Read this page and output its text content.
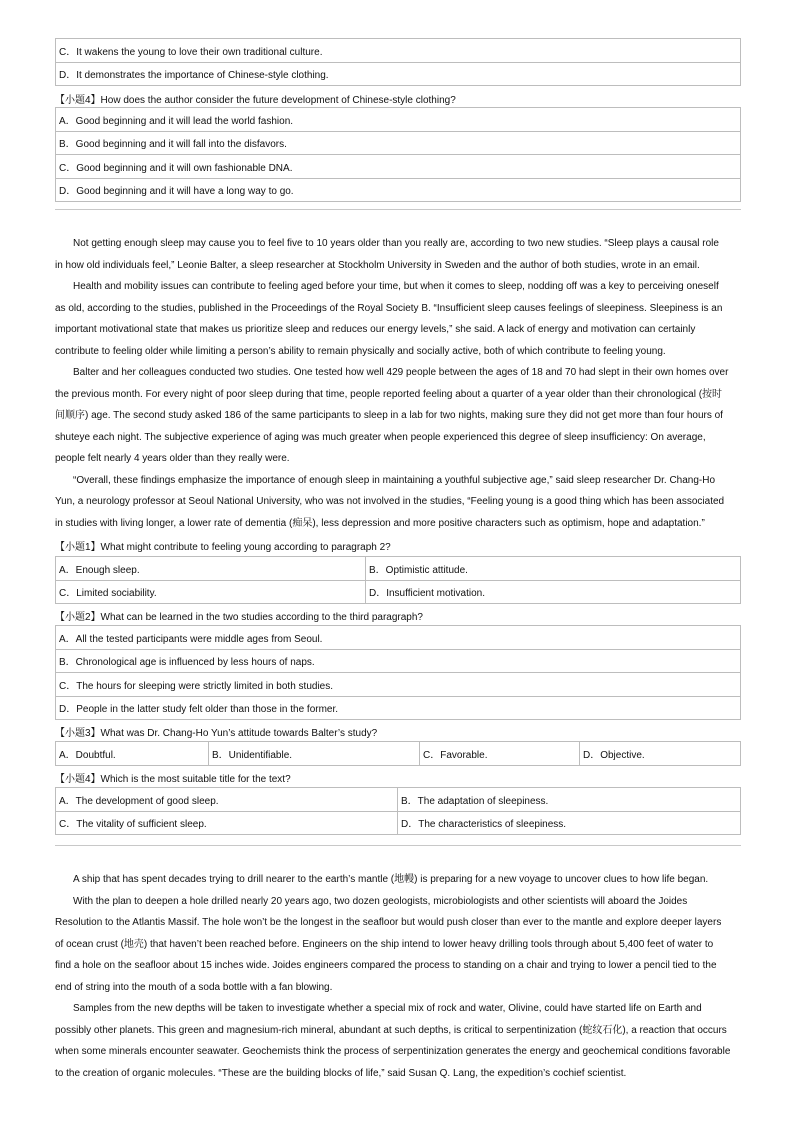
C．It wakens the young to love their own traditional culture.
D．It demonstrates the importance of Chinese-style clothing.
【小题4】How does the author consider the future development of Chinese-style clothing?
A．Good beginning and it will lead the world fashion.
B．Good beginning and it will fall into the disfavors.
C．Good beginning and it will own fashionable DNA.
D．Good beginning and it will have a long way to go.
Not getting enough sleep may cause you to feel five to 10 years older than you really are, according to two new studies. “Sleep plays a causal role
in how old individuals feel,” Leonie Balter, a sleep researcher at Stockholm University in Sweden and the author of both studies, wrote in an email.
Health and mobility issues can contribute to feeling aged before your time, but when it comes to sleep, nodding off was a key to perceiving oneself
as old, according to the studies, published in the Proceedings of the Royal Society B. “Insufficient sleep causes feelings of sleepiness. Sleepiness is an
important motivational state that makes us prioritize sleep and reduces our energy levels,” she said. A lack of energy and motivation can certainly
contribute to feeling older while limiting a person’s ability to remain physically and socially active, both of which contribute to feeling young.
Balter and her colleagues conducted two studies. One tested how well 429 people between the ages of 18 and 70 had slept in their own homes over
the previous month. For every night of poor sleep during that time, people reported feeling about a quarter of a year older than their chronological (按时
间顺序) age. The second study asked 186 of the same participants to sleep in a lab for two nights, making sure they did not get more than four hours of
shuteye each night. The subjective experience of aging was much greater when people experienced this degree of sleep insufficiency: On average,
people felt nearly 4 years older than they really were.
“Overall, these findings emphasize the importance of enough sleep in maintaining a youthful subjective age,” said sleep researcher Dr. Chang-Ho
Yun, a neurology professor at Seoul National University, who was not involved in the studies, “Feeling young is a good thing which has been associated
in studies with living longer, a lower rate of dementia (痴呆), less depression and more positive characters such as optimism, hope and adaptation.”
【小题1】What might contribute to feeling young according to paragraph 2?
A．Enough sleep.	B．Optimistic attitude.
C．Limited sociability.	D．Insufficient motivation.
【小题2】What can be learned in the two studies according to the third paragraph?
A．All the tested participants were middle ages from Seoul.
B．Chronological age is influenced by less hours of naps.
C．The hours for sleeping were strictly limited in both studies.
D．People in the latter study felt older than those in the former.
【小题3】What was Dr. Chang-Ho Yun’s attitude towards Balter’s study?
A．Doubtful.	B．Unidentifiable.	C．Favorable.	D．Objective.
【小题4】Which is the most suitable title for the text?
A．The development of good sleep.	B．The adaptation of sleepiness.
C．The vitality of sufficient sleep.	D．The characteristics of sleepiness.
A ship that has spent decades trying to drill nearer to the earth’s mantle (地幔) is preparing for a new voyage to uncover clues to how life began.
With the plan to deepen a hole drilled nearly 20 years ago, two dozen geologists, microbiologists and other scientists will aboard the Joides
Resolution to the Atlantis Massif. The hole won’t be the longest in the seafloor but would push closer than ever to the mantle and explore deeper layers
of ocean crust (地壳) that haven’t been reached before. Engineers on the ship intend to lower heavy drilling tools through about 5,400 feet of water to
find a hole on the seafloor about 15 inches wide. Joides engineers compared the process to standing on a chair and trying to lower a pencil tied to the
end of string into the mouth of a soda bottle with a fan blowing.
Samples from the new depths will be taken to investigate whether a special mix of rock and water, Olivine, could have started life on Earth and
possibly other planets. This green and magnesium-rich mineral, abundant at such depths, is critical to serpentinization (蛇纹石化), a reaction that occurs
when some minerals encounter seawater. Geochemists think the process of serpentinization generates the energy and geochemical conditions favorable
to the creation of organic molecules. “These are the building blocks of life,” said Susan Q. Lang, the expedition’s cochief scientist.
